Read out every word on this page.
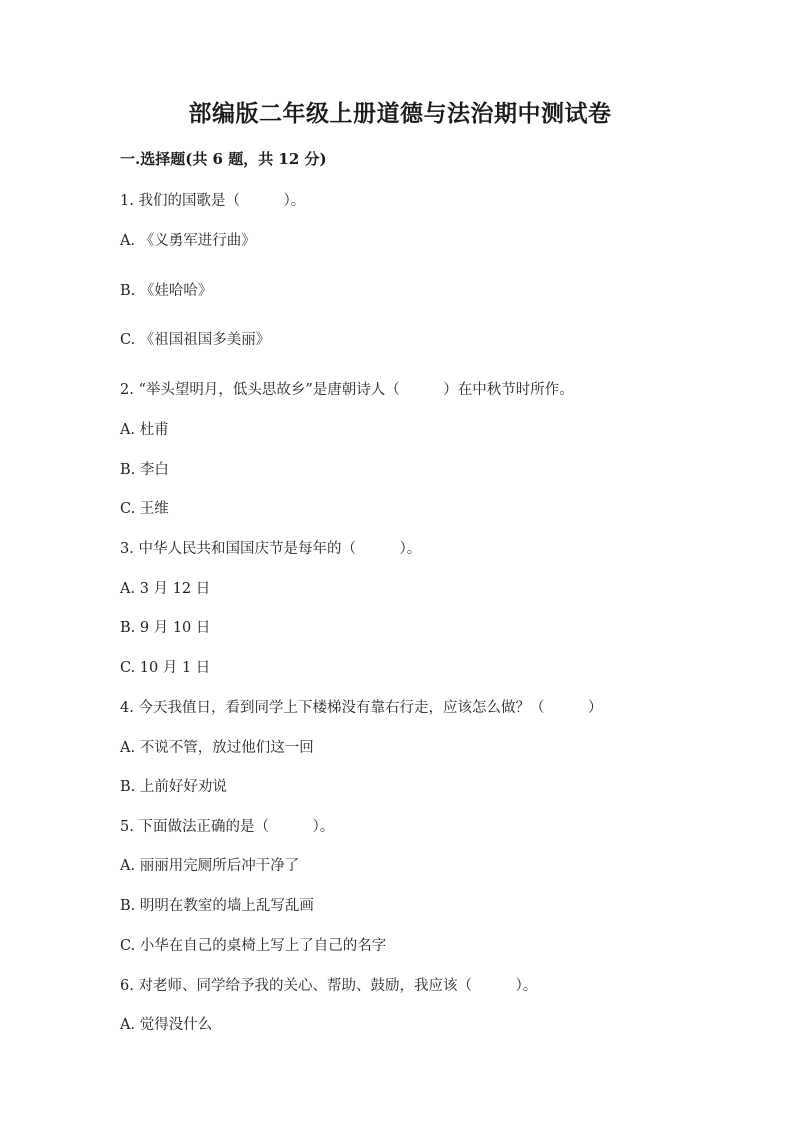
部编版二年级上册道德与法治期中测试卷
一.选择题(共 6 题，共 12 分)
1. 我们的国歌是（　　　）。
A. 《义勇军进行曲》
B. 《娃哈哈》
C. 《祖国祖国多美丽》
2. “举头望明月，低头思故乡”是唐朝诗人（　　　）在中秋节时所作。
A. 杜甫
B. 李白
C. 王维
3. 中华人民共和国国庆节是每年的（　　　）。
A. 3 月 12 日
B. 9 月 10 日
C. 10 月 1 日
4. 今天我值日，看到同学上下楼梯没有靠右行走，应该怎么做？（　　　）
A. 不说不管，放过他们这一回
B. 上前好好劝说
5. 下面做法正确的是（　　　）。
A. 丽丽用完厕所后冲干净了
B. 明明在教室的墙上乱写乱画
C. 小华在自己的桌椅上写上了自己的名字
6. 对老师、同学给予我的关心、帮助、鼓励，我应该（　　　）。
A. 觉得没什么
